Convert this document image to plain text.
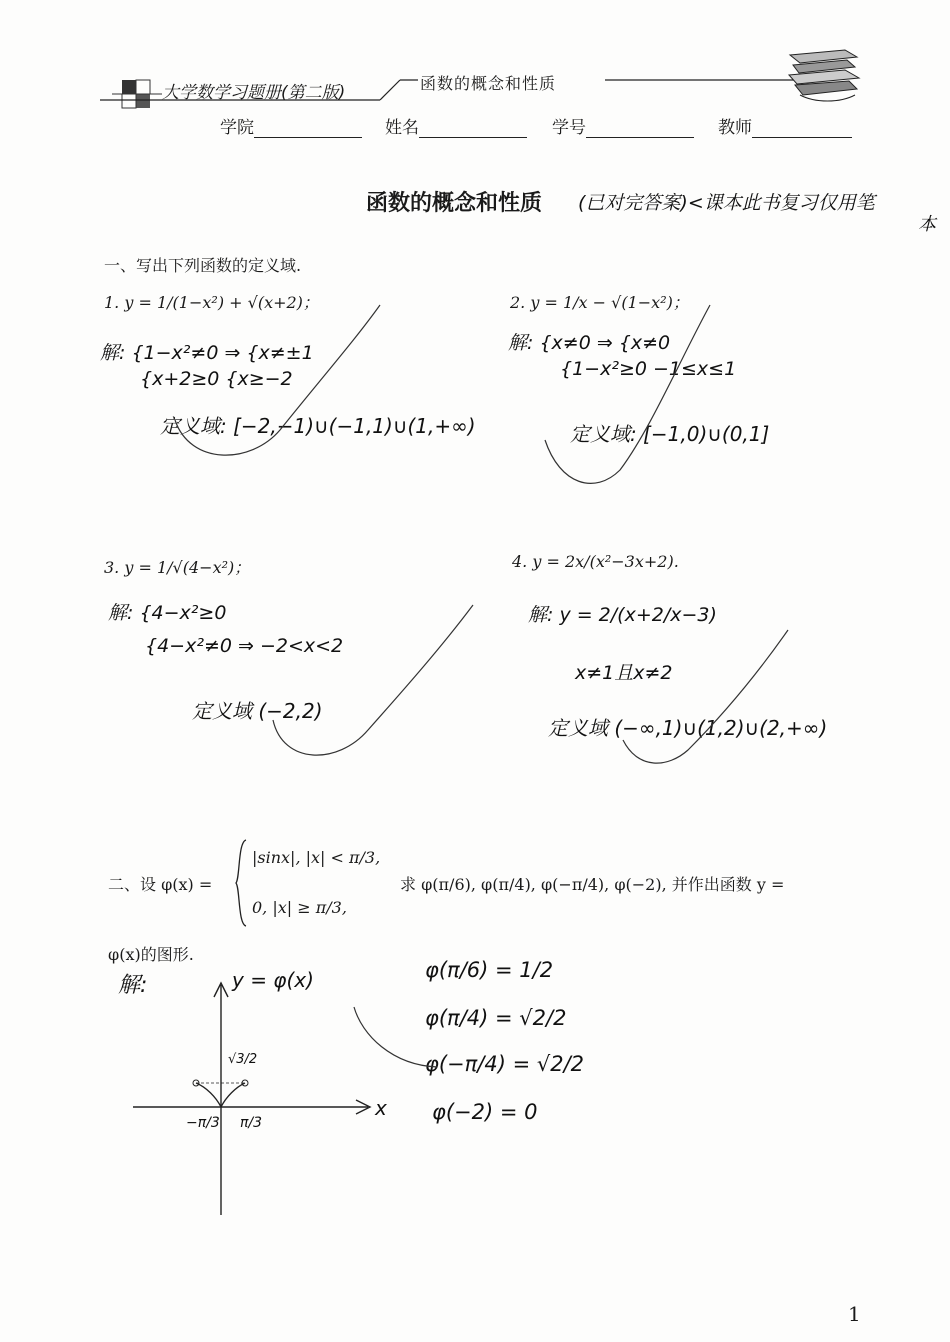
大学数学习题册(第二版)	函数的概念和性质
学院	姓名	学号	教师
函数的概念和性质 (已对完答案)<课本此书复习仅用笔
本
一、写出下列函数的定义域.
1. y = 1/(1−x²) + √(x+2)；
解: {1−x²≠0 ⇒ {x≠±1
{x+2≥0 {x≥−2
定义域: [−2,−1)∪(−1,1)∪(1,+∞)
2. y = 1/x − √(1−x²)；
解: {x≠0 ⇒ {x≠0
{1−x²≥0 −1≤x≤1
定义域: [−1,0)∪(0,1]
3. y = 1/√(4−x²)；
解: {4−x²≥0
{4−x²≠0 ⇒ −2<x<2
定义域 (−2,2)
4. y = 2x/(x²−3x+2).
解: y = 2/(x+2/x−3)
x≠1且x≠2
定义域 (−∞,1)∪(1,2)∪(2,+∞)
二、设 φ(x) =
|sinx|, |x| < π/3,
0, |x| ≥ π/3,
求 φ(π/6), φ(π/4), φ(−π/4), φ(−2), 并作出函数 y =
φ(x)的图形.
解:	y = φ(x)
√3/2
−π/3 π/3
x
φ(π/6) = 1/2
φ(π/4) = √2/2
φ(−π/4) = √2/2
φ(−2) = 0
1
